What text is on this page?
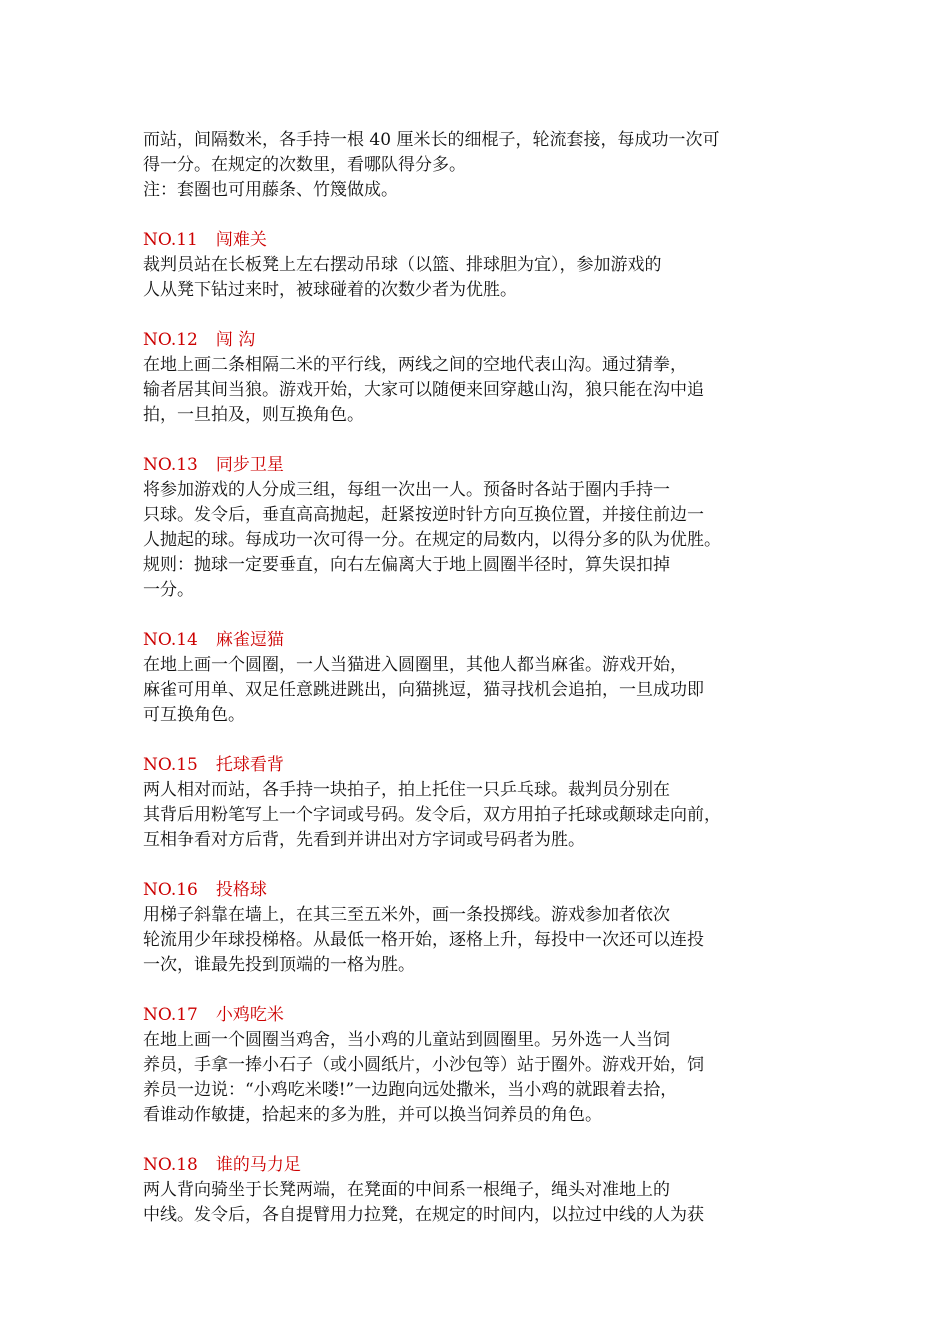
而站，间隔数米，各手持一根 40 厘米长的细棍子，轮流套接，每成功一次可
得一分。在规定的次数里，看哪队得分多。
注：套圈也可用藤条、竹篾做成。
NO.11 闯难关
裁判员站在长板凳上左右摆动吊球（以篮、排球胆为宜），参加游戏的
人从凳下钻过来时，被球碰着的次数少者为优胜。
NO.12 闯 沟
在地上画二条相隔二米的平行线，两线之间的空地代表山沟。通过猜拳，
输者居其间当狼。游戏开始，大家可以随便来回穿越山沟，狼只能在沟中追
拍，一旦拍及，则互换角色。
NO.13 同步卫星
将参加游戏的人分成三组，每组一次出一人。预备时各站于圈内手持一
只球。发令后，垂直高高抛起，赶紧按逆时针方向互换位置，并接住前边一
人抛起的球。每成功一次可得一分。在规定的局数内，以得分多的队为优胜。
规则：抛球一定要垂直，向右左偏离大于地上圆圈半径时，算失误扣掉
一分。
NO.14 麻雀逗猫
在地上画一个圆圈，一人当猫进入圆圈里，其他人都当麻雀。游戏开始，
麻雀可用单、双足任意跳进跳出，向猫挑逗，猫寻找机会追拍，一旦成功即
可互换角色。
NO.15 托球看背
两人相对而站，各手持一块拍子，拍上托住一只乒乓球。裁判员分别在
其背后用粉笔写上一个字词或号码。发令后，双方用拍子托球或颠球走向前，
互相争看对方后背，先看到并讲出对方字词或号码者为胜。
NO.16 投格球
用梯子斜靠在墙上，在其三至五米外，画一条投掷线。游戏参加者依次
轮流用少年球投梯格。从最低一格开始，逐格上升，每投中一次还可以连投
一次，谁最先投到顶端的一格为胜。
NO.17 小鸡吃米
在地上画一个圆圈当鸡舍，当小鸡的儿童站到圆圈里。另外选一人当饲
养员，手拿一捧小石子（或小圆纸片，小沙包等）站于圈外。游戏开始，饲
养员一边说：“小鸡吃米喽!”一边跑向远处撒米，当小鸡的就跟着去拾，
看谁动作敏捷，拾起来的多为胜，并可以换当饲养员的角色。
NO.18 谁的马力足
两人背向骑坐于长凳两端，在凳面的中间系一根绳子，绳头对准地上的
中线。发令后，各自提臂用力拉凳，在规定的时间内，以拉过中线的人为获
